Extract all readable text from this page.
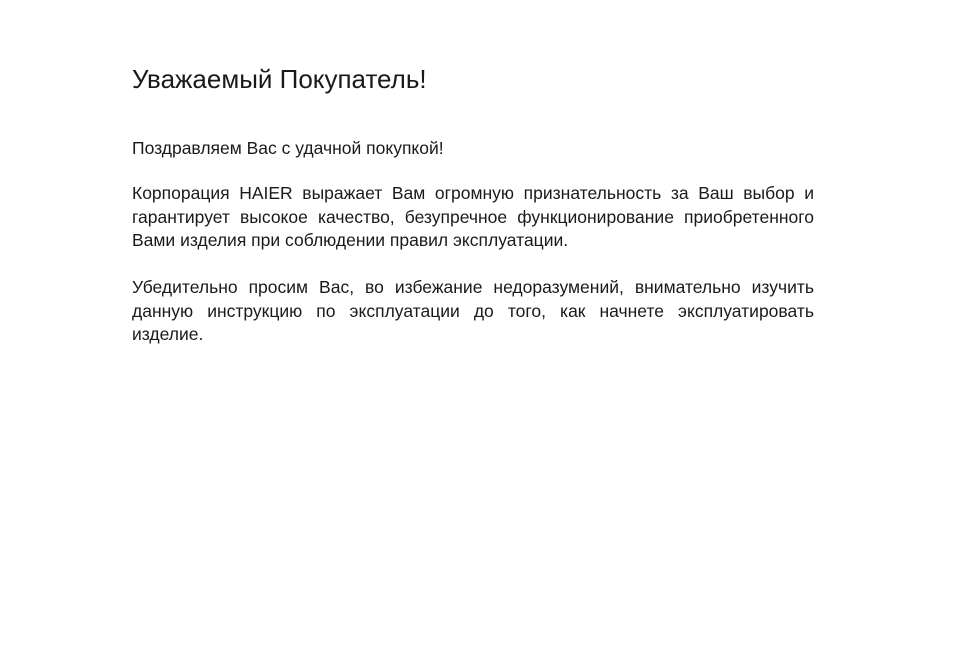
Уважаемый Покупатель!

Поздравляем Вас с удачной покупкой!

Корпорация HAIER выражает Вам огромную признательность за Ваш выбор и гарантирует высокое качество, безупречное функционирование приобретенного Вами изделия при соблюдении правил эксплуатации.

Убедительно просим Вас, во избежание недоразумений, внимательно изучить данную инструкцию по эксплуатации до того, как начнете эксплуатировать изделие.
